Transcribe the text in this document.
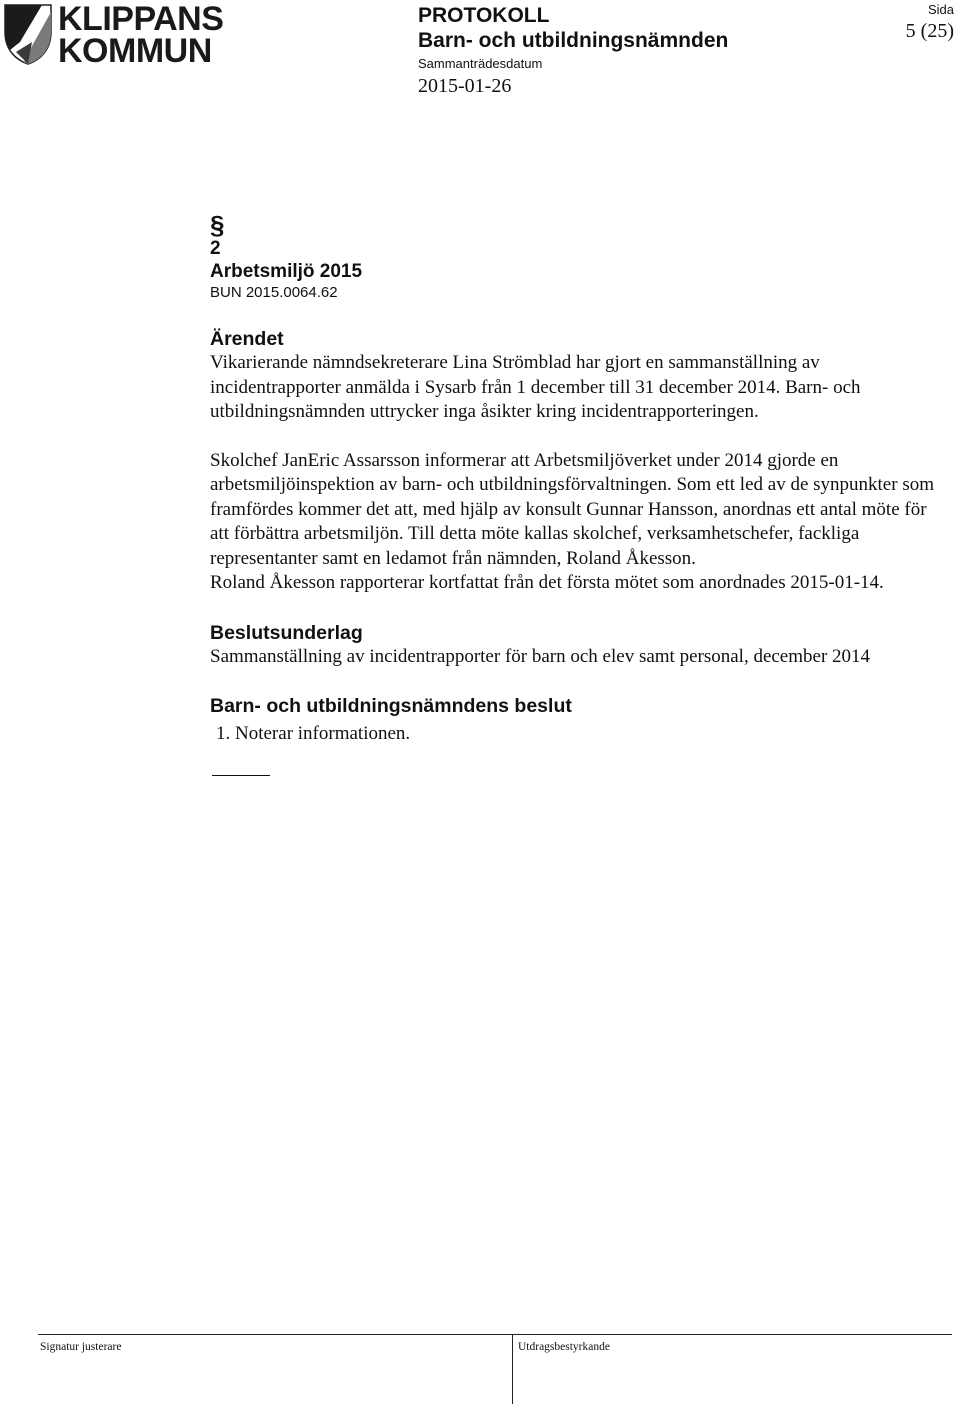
KLIPPANS
KOMMUN
PROTOKOLL
Barn- och utbildningsnämnden
Sammanträdesdatum
2015-01-26
Sida
5 (25)
§
2
Arbetsmiljö 2015
BUN 2015.0064.62
Ärendet

Vikarierande nämndsekreterare Lina Strömblad har gjort en sammanställning av incidentrapporter anmälda i Sysarb från 1 december till 31 december 2014. Barn- och utbildningsnämnden uttrycker inga åsikter kring incidentrapporteringen.

Skolchef JanEric Assarsson informerar att Arbetsmiljöverket under 2014 gjorde en arbetsmiljöinspektion av barn- och utbildningsförvaltningen. Som ett led av de synpunkter som framfördes kommer det att, med hjälp av konsult Gunnar Hansson, anordnas ett antal möte för att förbättra arbetsmiljön. Till detta möte kallas skolchef, verksamhetschefer, fackliga representanter samt en ledamot från nämnden, Roland Åkesson.

Roland Åkesson rapporterar kortfattat från det första mötet som anordnades 2015-01-14.

Beslutsunderlag

Sammanställning av incidentrapporter för barn och elev samt personal, december 2014

Barn- och utbildningsnämndens beslut

1. Noterar informationen.

Signatur justerare	Utdragsbestyrkande
